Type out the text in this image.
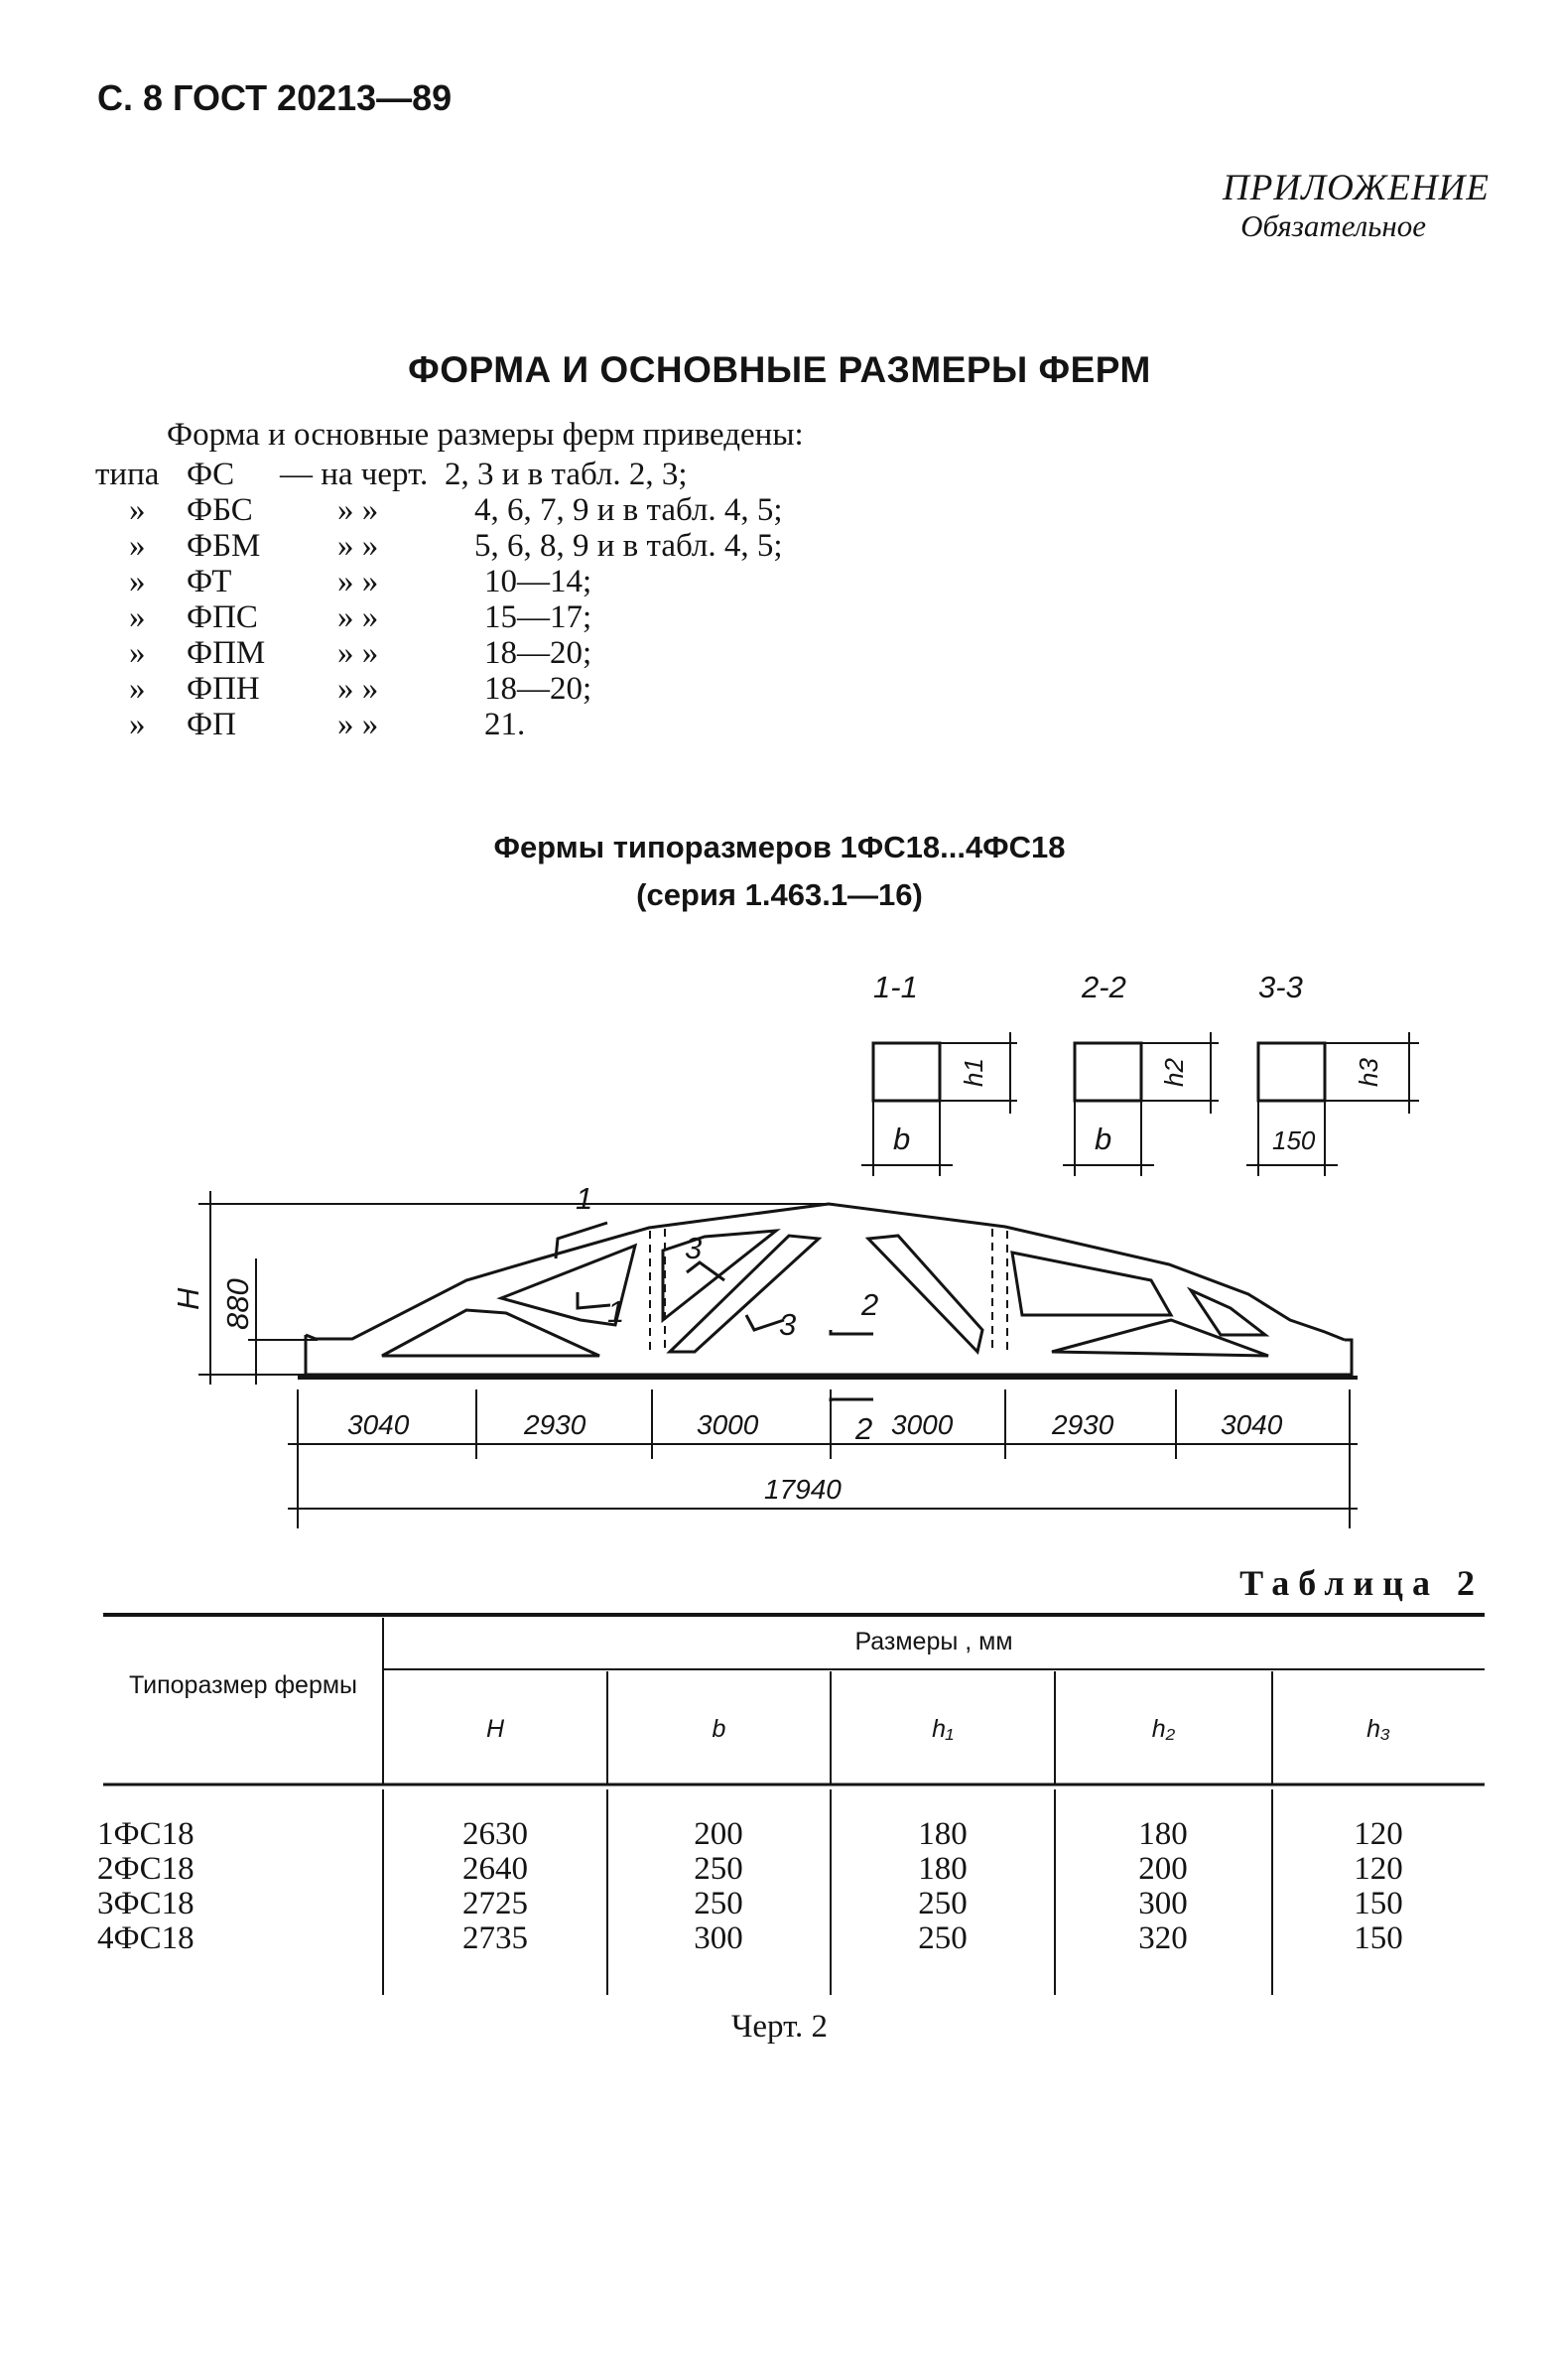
С. 8 ГОСТ 20213—89
ПРИЛОЖЕНИЕ
Обязательное
ФОРМА И ОСНОВНЫЕ РАЗМЕРЫ ФЕРМ
Форма и основные размеры ферм приведены:
типа ФС — на черт. 2, 3 и в табл. 2, 3;
» ФБС	» »	4, 6, 7, 9 и в табл. 4, 5;
» ФБМ » »	5, 6, 8, 9 и в табл. 4, 5;
» ФТ	» »	10—14;
» ФПС » »	15—17;
» ФПМ » »	18—20;
» ФПН » »	18—20;
» ФП	» »	21.
Фермы типоразмеров 1ФС18...4ФС18
(серия 1.463.1—16)
1-1	2-2	3-3
b	b	150
h1	h2	h3
H 880
3040	2930	3000	3000	2930	3040
17940
1
1	2
2
3
3
Таблица 2
Типоразмер фермы
Размеры , мм
H	b	h₁	h₂	h₃
1ФС18	2630	200	180	180	120
2ФС18	2640	250	180	200	120
3ФС18	2725	250	250	300	150
4ФС18	2735	300	250	320	150
Черт. 2
